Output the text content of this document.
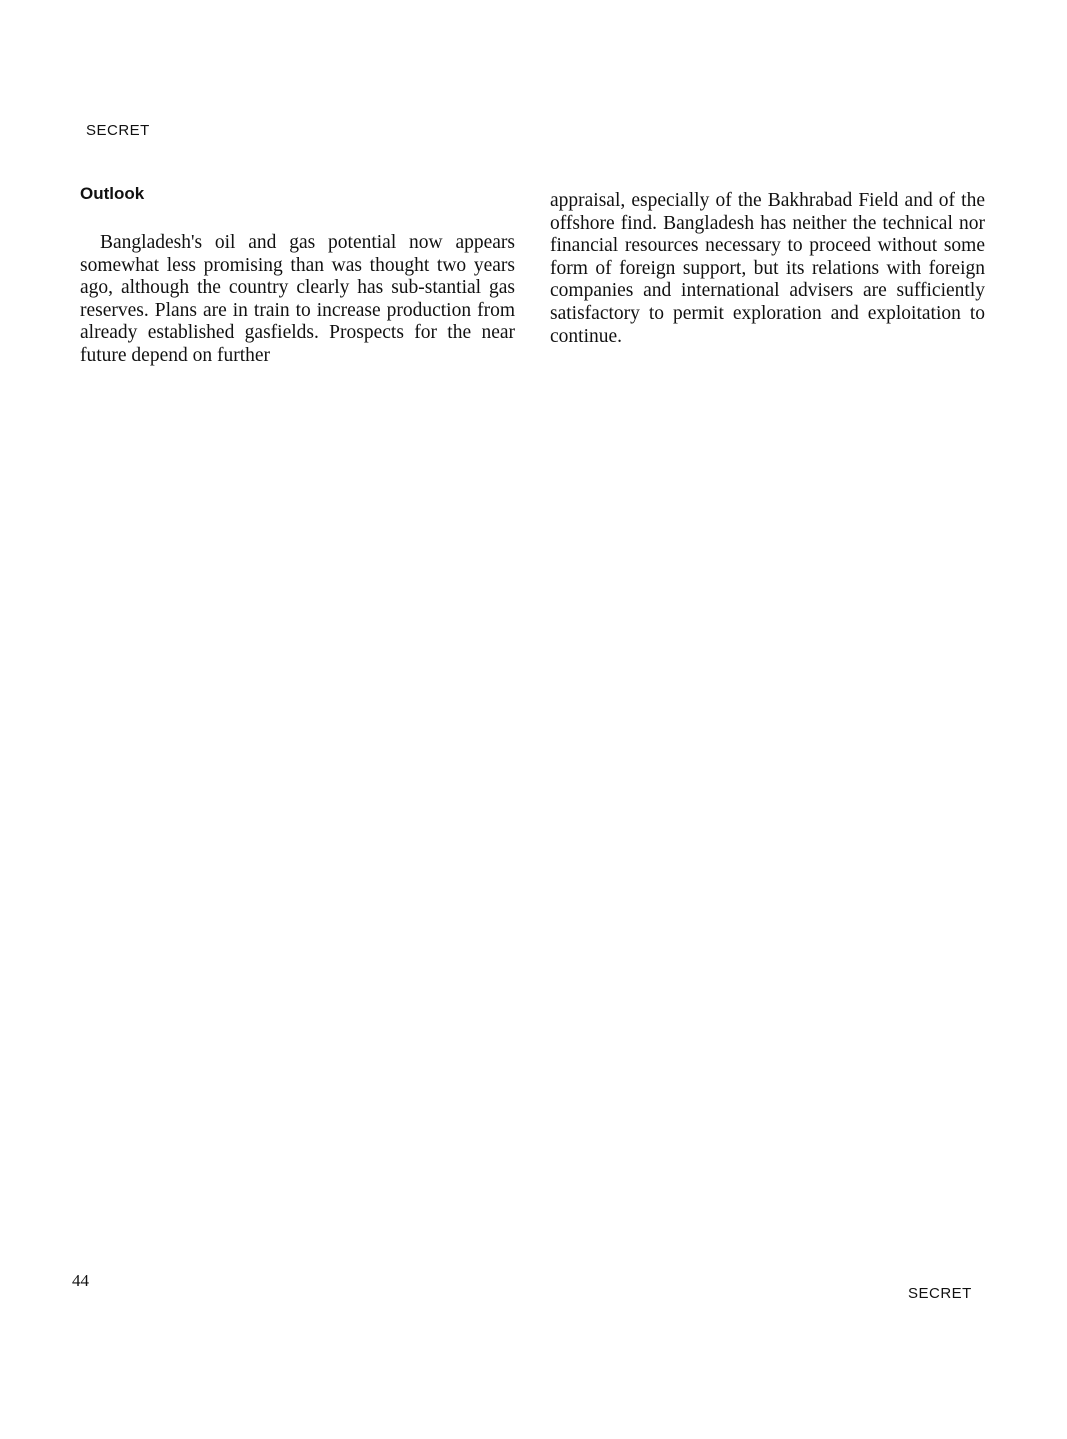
SECRET
Outlook

Bangladesh's oil and gas potential now appears somewhat less promising than was thought two years ago, although the country clearly has sub-stantial gas reserves. Plans are in train to increase production from already established gasfields. Prospects for the near future depend on further

appraisal, especially of the Bakhrabad Field and of the offshore find. Bangladesh has neither the technical nor financial resources necessary to proceed without some form of foreign support, but its relations with foreign companies and international advisers are sufficiently satisfactory to permit exploration and exploitation to continue.

44
SECRET
